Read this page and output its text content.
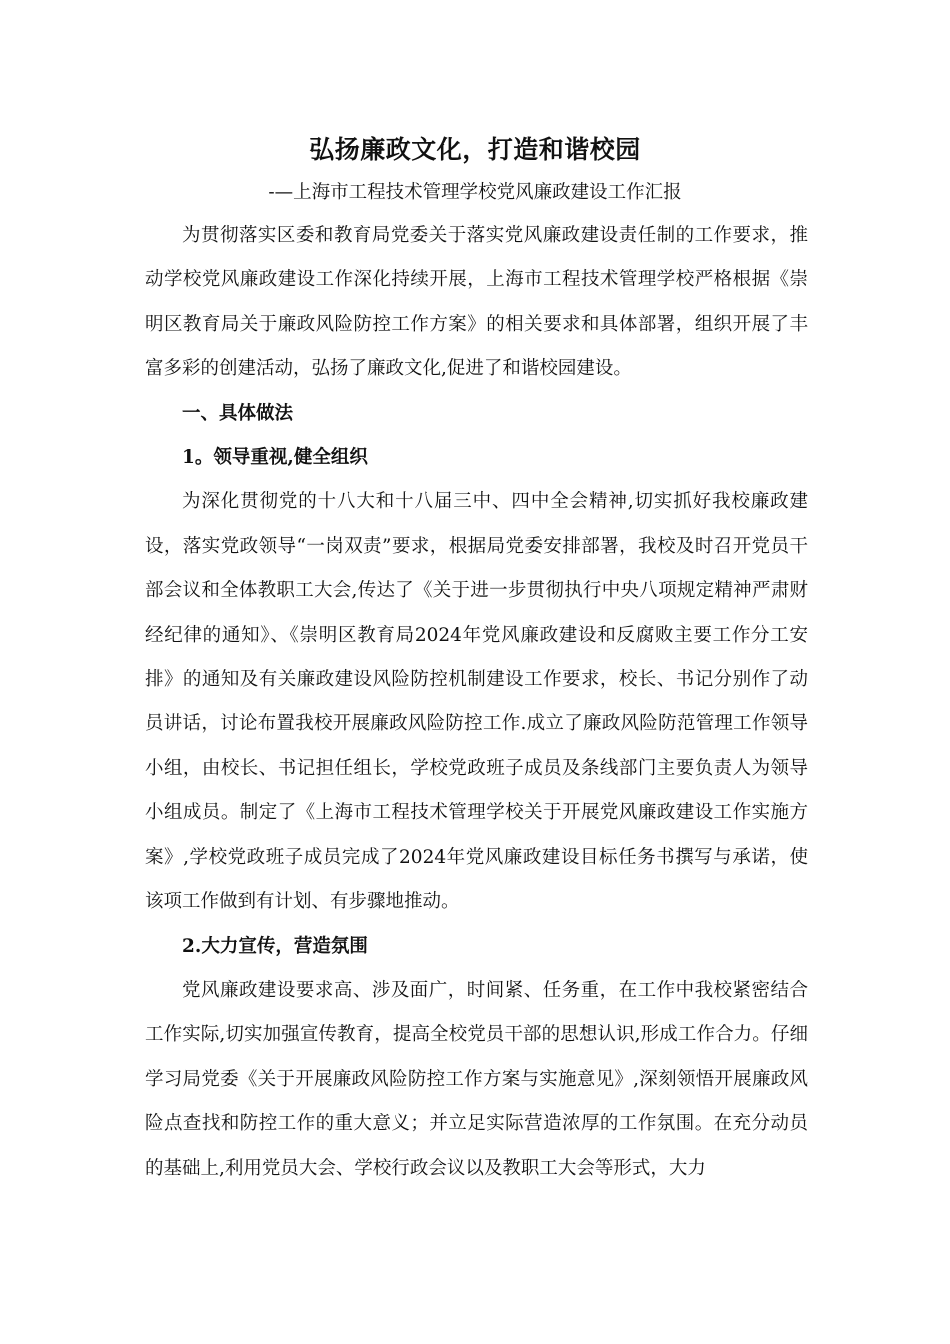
弘扬廉政文化，打造和谐校园

-—上海市工程技术管理学校党风廉政建设工作汇报

为贯彻落实区委和教育局党委关于落实党风廉政建设责任制的工作要求，推动学校党风廉政建设工作深化持续开展，上海市工程技术管理学校严格根据《崇明区教育局关于廉政风险防控工作方案》的相关要求和具体部署，组织开展了丰富多彩的创建活动，弘扬了廉政文化,促进了和谐校园建设。

一、具体做法

1。领导重视,健全组织

为深化贯彻党的十八大和十八届三中、四中全会精神,切实抓好我校廉政建设，落实党政领导“一岗双责”要求，根据局党委安排部署，我校及时召开党员干部会议和全体教职工大会,传达了《关于进一步贯彻执行中央八项规定精神严肃财经纪律的通知》、《崇明区教育局2024年党风廉政建设和反腐败主要工作分工安排》的通知及有关廉政建设风险防控机制建设工作要求，校长、书记分别作了动员讲话，讨论布置我校开展廉政风险防控工作.成立了廉政风险防范管理工作领导小组，由校长、书记担任组长，学校党政班子成员及条线部门主要负责人为领导小组成员。制定了《上海市工程技术管理学校关于开展党风廉政建设工作实施方案》,学校党政班子成员完成了2024年党风廉政建设目标任务书撰写与承诺，使该项工作做到有计划、有步骤地推动。

2.大力宣传，营造氛围

党风廉政建设要求高、涉及面广，时间紧、任务重，在工作中我校紧密结合工作实际,切实加强宣传教育，提高全校党员干部的思想认识,形成工作合力。仔细学习局党委《关于开展廉政风险防控工作方案与实施意见》,深刻领悟开展廉政风险点查找和防控工作的重大意义；并立足实际营造浓厚的工作氛围。在充分动员的基础上,利用党员大会、学校行政会议以及教职工大会等形式，大力
